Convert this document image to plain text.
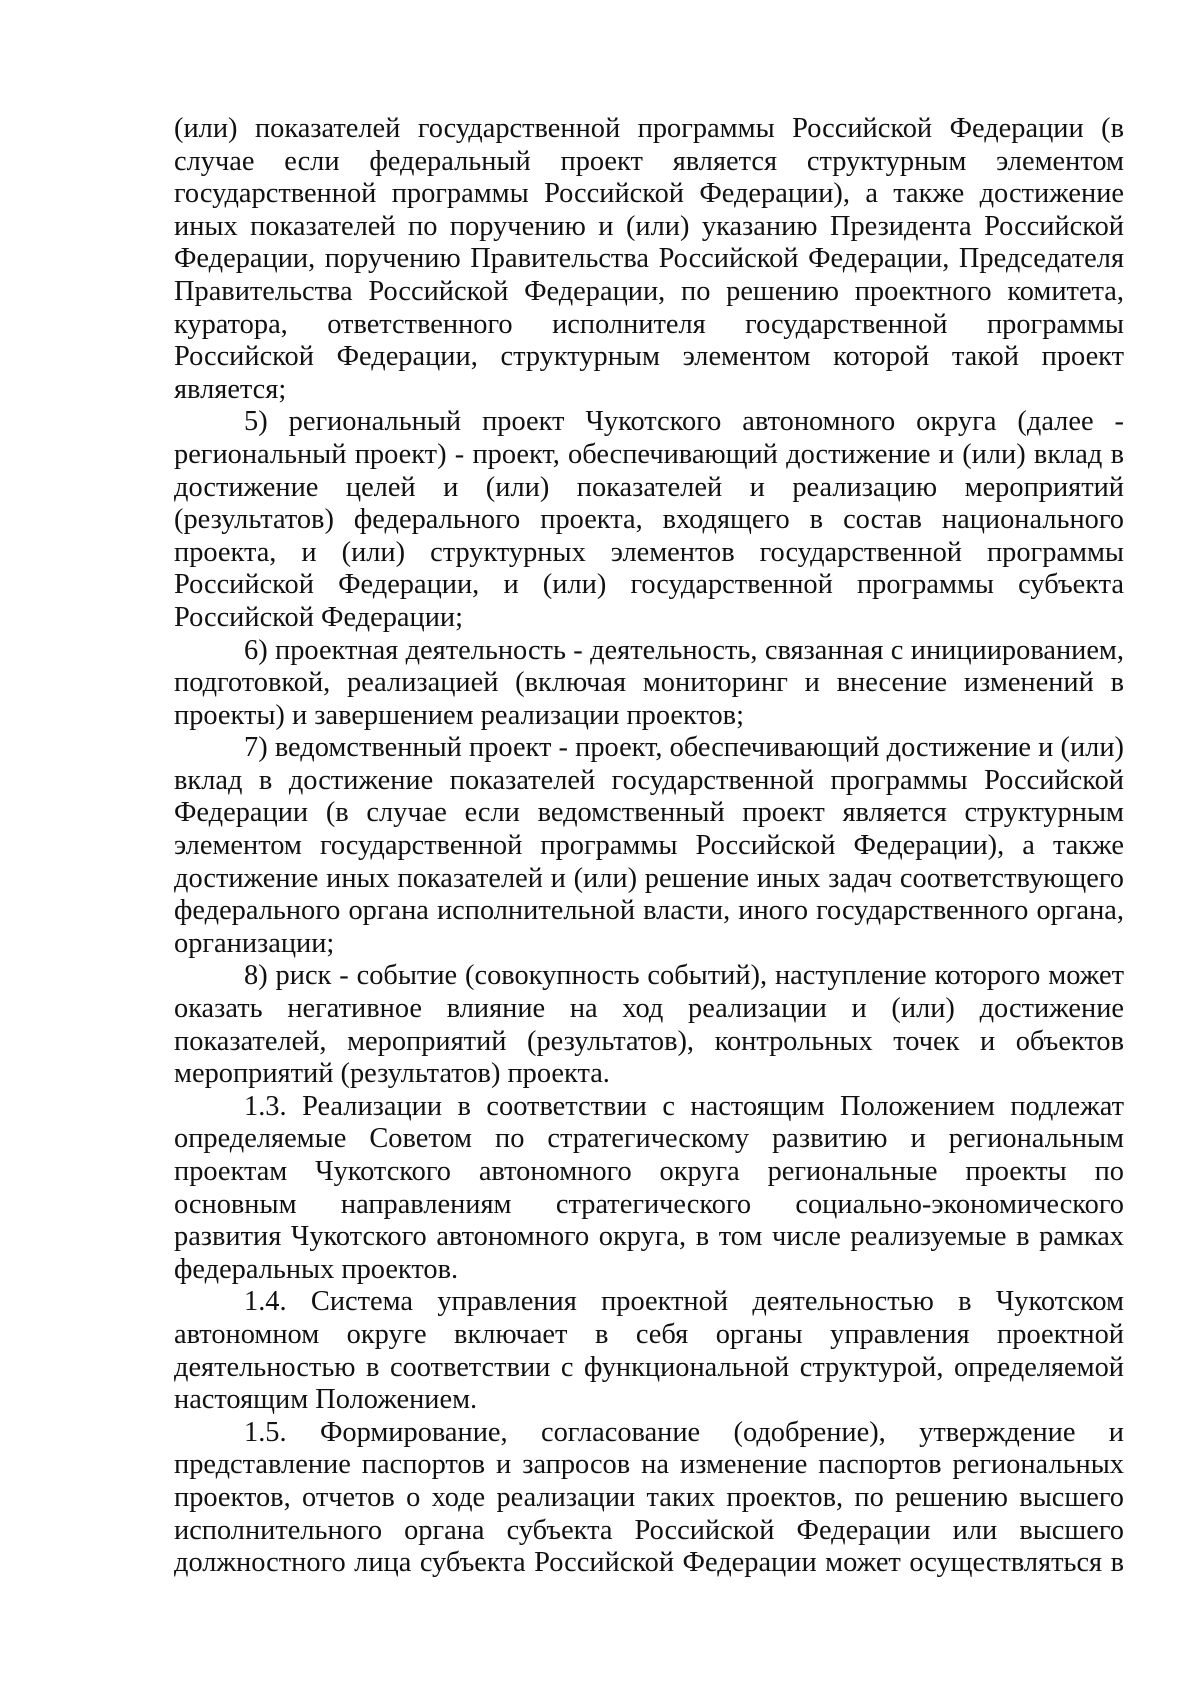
(или) показателей государственной программы Российской Федерации (в случае если федеральный проект является структурным элементом государственной программы Российской Федерации), а также достижение иных показателей по поручению и (или) указанию Президента Российской Федерации, поручению Правительства Российской Федерации, Председателя Правительства Российской Федерации, по решению проектного комитета, куратора, ответственного исполнителя государственной программы Российской Федерации, структурным элементом которой такой проект является;

5) региональный проект Чукотского автономного округа (далее - региональный проект) - проект, обеспечивающий достижение и (или) вклад в достижение целей и (или) показателей и реализацию мероприятий (результатов) федерального проекта, входящего в состав национального проекта, и (или) структурных элементов государственной программы Российской Федерации, и (или) государственной программы субъекта Российской Федерации;

6) проектная деятельность - деятельность, связанная с инициированием, подготовкой, реализацией (включая мониторинг и внесение изменений в проекты) и завершением реализации проектов;

7) ведомственный проект - проект, обеспечивающий достижение и (или) вклад в достижение показателей государственной программы Российской Федерации (в случае если ведомственный проект является структурным элементом государственной программы Российской Федерации), а также достижение иных показателей и (или) решение иных задач соответствующего федерального органа исполнительной власти, иного государственного органа, организации;

8) риск - событие (совокупность событий), наступление которого может оказать негативное влияние на ход реализации и (или) достижение показателей, мероприятий (результатов), контрольных точек и объектов мероприятий (результатов) проекта.

1.3. Реализации в соответствии с настоящим Положением подлежат определяемые Советом по стратегическому развитию и региональным проектам Чукотского автономного округа региональные проекты по основным направлениям стратегического социально-экономического развития Чукотского автономного округа, в том числе реализуемые в рамках федеральных проектов.

1.4. Система управления проектной деятельностью в Чукотском автономном округе включает в себя органы управления проектной деятельностью в соответствии с функциональной структурой, определяемой настоящим Положением.

1.5. Формирование, согласование (одобрение), утверждение и представление паспортов и запросов на изменение паспортов региональных проектов, отчетов о ходе реализации таких проектов, по решению высшего исполнительного органа субъекта Российской Федерации или высшего должностного лица субъекта Российской Федерации может осуществляться в
